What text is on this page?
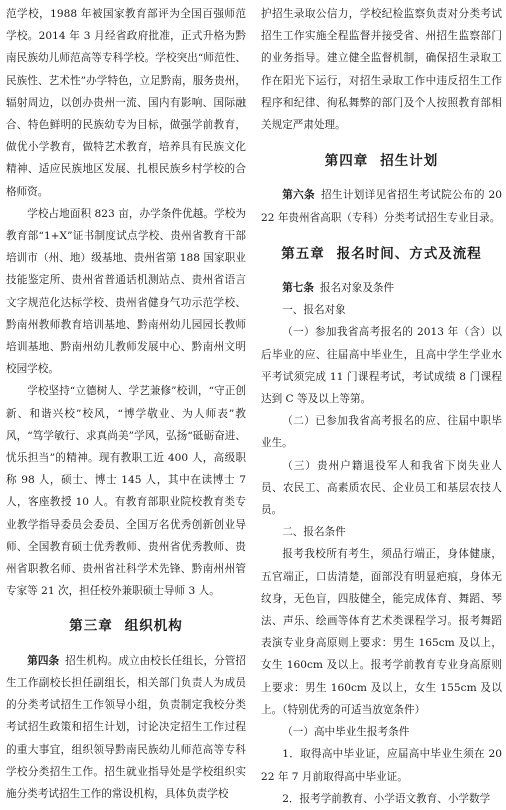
范学校，1988 年被国家教育部评为全国百强师范学校。2014 年 3 月经省政府批准，正式升格为黔南民族幼儿师范高等专科学校。学校突出“师范性、民族性、艺术性”办学特色，立足黔南，服务贵州，辐射周边，以创办贵州一流、国内有影响、国际融合、特色鲜明的民族幼专为目标，做强学前教育，做优小学教育，做特艺术教育，培养具有民族文化精神、适应民族地区发展、扎根民族乡村学校的合格师资。

学校占地面积 823 亩，办学条件优越。学校为教育部“1+X”证书制度试点学校、贵州省教育干部培训市（州、地）级基地、贵州省第 188 国家职业技能鉴定所、贵州省普通话机测站点、贵州省语言文字规范化达标学校、贵州省健身气功示范学校、黔南州教师教育培训基地、黔南州幼儿园园长教师培训基地、黔南州幼儿教师发展中心、黔南州文明校园学校。

学校坚持“立德树人、学艺兼修”校训，“守正创新、和谐兴校”校风，“博学敬业、为人师表”教风，“笃学敏行、求真尚美”学风，弘扬“砥砺奋进、忧乐担当”的精神。现有教职工近 400 人，高级职称 98 人，硕士、博士 145 人，其中在读博士 7 人，客座教授 10 人。有教育部职业院校教育类专业教学指导委员会委员、全国万名优秀创新创业导师、全国教育硕士优秀教师、贵州省优秀教师、贵州省职教名师、贵州省社科学术先锋、黔南州州管专家等 21 次，担任校外兼职硕士导师 3 人。

第三章 组织机构

第四条 招生机构。成立由校长任组长，分管招生工作副校长担任副组长，相关部门负责人为成员的分类考试招生工作领导小组，负责制定我校分类考试招生政策和招生计划，讨论决定招生工作过程的重大事宜，组织领导黔南民族幼儿师范高等专科学校分类招生工作。招生就业指导处是学校组织实施分类考试招生工作的常设机构，具体负责学校

护招生录取公信力，学校纪检监察负责对分类考试招生工作实施全程监督并接受省、州招生监察部门的业务指导。建立健全监督机制，确保招生录取工作在阳光下运行，对招生录取工作中违反招生工作程序和纪律、徇私舞弊的部门及个人按照教育部相关规定严肃处理。

第四章 招生计划

第六条 招生计划详见省招生考试院公布的 2022 年贵州省高职（专科）分类考试招生专业目录。

第五章 报名时间、方式及流程

第七条 报名对象及条件

一、报名对象

（一）参加我省高考报名的 2013 年（含）以后毕业的应、往届高中毕业生，且高中学生学业水平考试须完成 11 门课程考试，考试成绩 8 门课程达到 C 等及以上等第。

（二）已参加我省高考报名的应、往届中职毕业生。

（三）贵州户籍退役军人和我省下岗失业人员、农民工、高素质农民、企业员工和基层农技人员。

二、报名条件

报考我校所有考生，须品行端正，身体健康，五官端正，口齿清楚，面部没有明显疤痕，身体无纹身，无色盲，四肢健全，能完成体育、舞蹈、琴法、声乐、绘画等体育艺术类课程学习。报考舞蹈表演专业身高原则上要求：男生 165cm 及以上，女生 160cm 及以上。报考学前教育专业身高原则上要求：男生 160cm 及以上，女生 155cm 及以上。（特别优秀的可适当放宽条件）

（一）高中毕业生报考条件

1．取得高中毕业证，应届高中毕业生须在 2022 年 7 月前取得高中毕业证。

2．报考学前教育、小学语文教育、小学数学
